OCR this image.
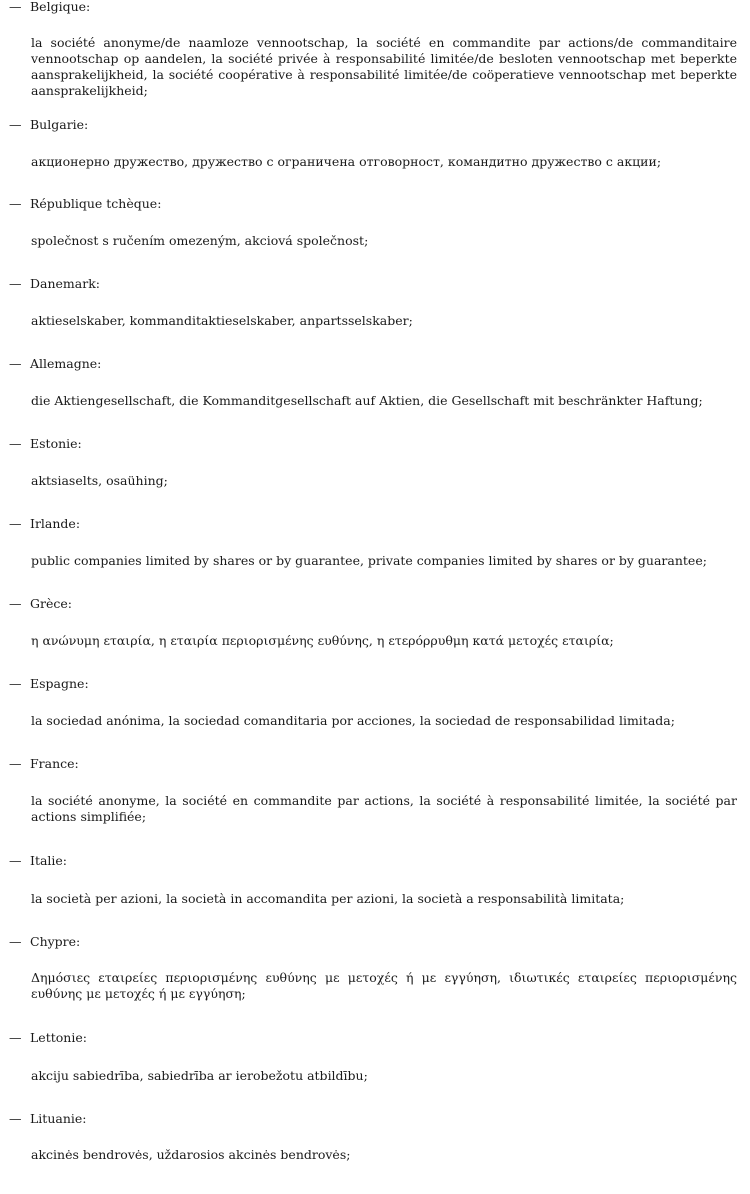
— Belgique:
la société anonyme/de naamloze vennootschap, la société en commandite par actions/de commanditaire vennootschap op aandelen, la société privée à responsabilité limitée/de besloten vennootschap met beperkte aansprakelijkheid, la société coopérative à responsabilité limitée/de coöperatieve vennootschap met beperkte aansprakelijkheid;
— Bulgarie:
акционерно дружество, дружество с ограничена отговорност, командитно дружество с акции;
— République tchèque:
společnost s ručením omezeným, akciová společnost;
— Danemark:
aktieselskaber, kommanditaktieselskaber, anpartsselskaber;
— Allemagne:
die Aktiengesellschaft, die Kommanditgesellschaft auf Aktien, die Gesellschaft mit beschränkter Haftung;
— Estonie:
aktsiaselts, osaühing;
— Irlande:
public companies limited by shares or by guarantee, private companies limited by shares or by guarantee;
— Grèce:
η ανώνυμη εταιρία, η εταιρία περιορισμένης ευθύνης, η ετερόρρυθμη κατά μετοχές εταιρία;
— Espagne:
la sociedad anónima, la sociedad comanditaria por acciones, la sociedad de responsabilidad limitada;
— France:
la société anonyme, la société en commandite par actions, la société à responsabilité limitée, la société par actions simplifiée;
— Italie:
la società per azioni, la società in accomandita per azioni, la società a responsabilità limitata;
— Chypre:
Δημόσιες εταιρείες περιορισμένης ευθύνης με μετοχές ή με εγγύηση, ιδιωτικές εταιρείες περιορισμένης ευθύνης με μετοχές ή με εγγύηση;
— Lettonie:
akciju sabiedrība, sabiedrība ar ierobežotu atbildību;
— Lituanie:
akcinės bendrovės, uždarosios akcinės bendrovės;
